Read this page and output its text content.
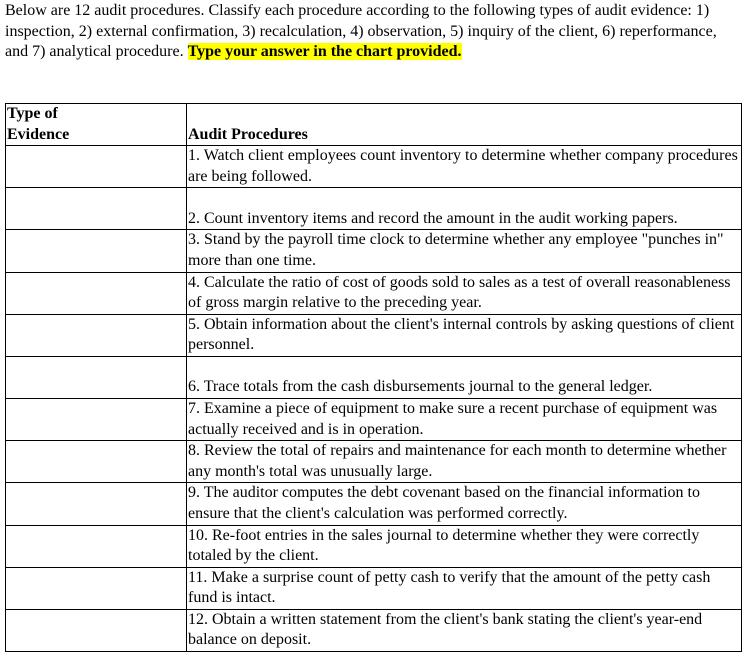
Below are 12 audit procedures. Classify each procedure according to the following types of audit evidence: 1) inspection, 2) external confirmation, 3) recalculation, 4) observation, 5) inquiry of the client, 6) reperformance, and 7) analytical procedure. Type your answer in the chart provided.

Type of
Evidence	Audit Procedures
	1. Watch client employees count inventory to determine whether company procedures are being followed.
	2. Count inventory items and record the amount in the audit working papers.
	3. Stand by the payroll time clock to determine whether any employee "punches in" more than one time.
	4. Calculate the ratio of cost of goods sold to sales as a test of overall reasonableness of gross margin relative to the preceding year.
	5. Obtain information about the client's internal controls by asking questions of client personnel.
	6. Trace totals from the cash disbursements journal to the general ledger.
	7. Examine a piece of equipment to make sure a recent purchase of equipment was actually received and is in operation.
	8. Review the total of repairs and maintenance for each month to determine whether any month's total was unusually large.
	9. The auditor computes the debt covenant based on the financial information to ensure that the client's calculation was performed correctly.
	10. Re-foot entries in the sales journal to determine whether they were correctly totaled by the client.
	11. Make a surprise count of petty cash to verify that the amount of the petty cash fund is intact.
	12. Obtain a written statement from the client's bank stating the client's year-end balance on deposit.
